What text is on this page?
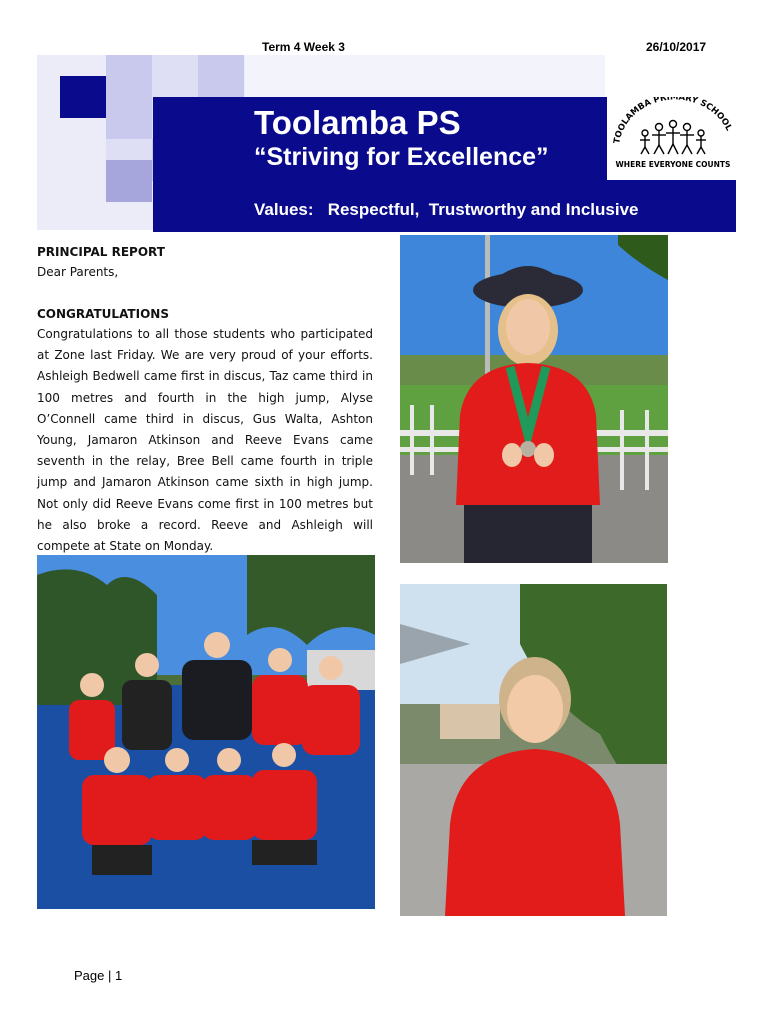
Term 4 Week 3	26/10/2017
Toolamba PS
“Striving for Excellence”
Values:   Respectful,  Trustworthy and Inclusive
TOOLAMBA PRIMARY SCHOOL
WHERE EVERYONE COUNTS
PRINCIPAL REPORT
Dear Parents,
CONGRATULATIONS
Congratulations to all those students who participated at Zone last Friday. We are very proud of your efforts. Ashleigh Bedwell came first in discus, Taz came third in 100 metres and fourth in the high jump, Alyse O’Connell came third in discus, Gus Walta, Ashton Young, Jamaron Atkinson and Reeve Evans came seventh in the relay, Bree Bell came fourth in triple jump and Jamaron Atkinson came sixth in high jump. Not only did Reeve Evans come first in 100 metres but he also broke a record. Reeve and Ashleigh will compete at State on Monday.
Page | 1
